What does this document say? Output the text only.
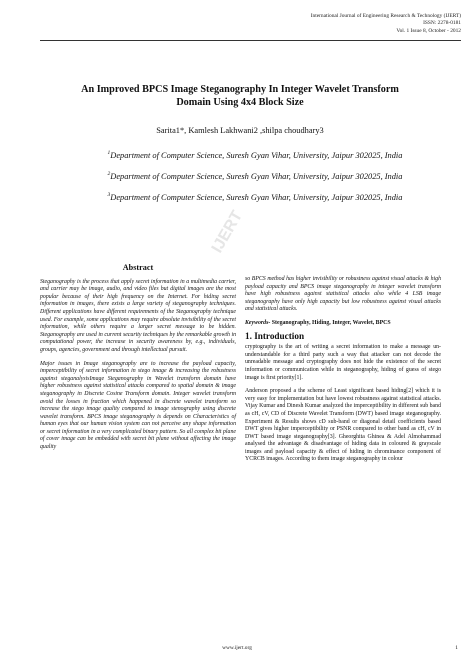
International Journal of Engineering Research & Technology (IJERT)
ISSN: 2278-0181
Vol. 1 Issue 8, October - 2012
IJERT
An Improved BPCS Image Steganography In Integer Wavelet Transform
Domain Using 4x4 Block Size
Sarita1*, Kamlesh Lakhwani2 ,shilpa choudhary3
$^1$Department of Computer Science, Suresh Gyan Vihar, University, Jaipur 302025, India
$^2$Department of Computer Science, Suresh Gyan Vihar, University, Jaipur 302025, India
$^3$Department of Computer Science, Suresh Gyan Vihar, University, Jaipur 302025, India
Abstract

Steganography is the process that apply secret information in a multimedia carrier, and carrier may be image, audio, and video files but digital images are the most popular because of their high frequency on the Internet. For hiding secret information in images, there exists a large variety of steganography techniques. Different applications have different requirements of the Steganography technique used. For example, some applications may require absolute invisibility of the secret information, while others require a larger secret message to be hidden. Steganography are used in current security techniques by the remarkable growth in computational power, the increase in security awareness by, e.g., individuals, groups, agencies, government and through intellectual pursuit.

Major issues in Image steganography are to increase the payload capacity, imperceptibility of secret information in stego image & increasing the robustness against steganalysisImage Steganography in Wavelet transform domain have higher robustness against statistical attacks compared to spatial domain & image steganography in Discrete Cosine Transform domain. Integer wavelet transform avoid the losses in fraction which happened in discrete wavelet transform so increase the stego image quality compared to image stenography using discrete wavelet transform. BPCS image steganography is depends on Characteristics of human eyes that our human vision system can not perceive any shape information or secret information in a very complicated binary pattern. So all complex bit plane of cover image can be embedded with secret bit plane without affecting the image quality

so BPCS method has higher invisibility or robustness against visual attacks & high payload capacity and BPCS image steganography in integer wavelet transform have high robustness against statistical attacks also while 4 LSB image steganography have only high capacity but low robustness against visual attacks and statistical attacks.

Keywords- Steganography, Hiding, Integer, Wavelet, BPCS

1. Introduction

cryptography is the art of writing a secret information to make a message un-understandable for a third party such a way that attacker can not decode the unreadable message and cryptography does not hide the existence of the secret information or communication while in steganography, hiding of guess of stego image is first priority[1].

Anderson proposed a the scheme of Least significant based hiding[2] which it is very easy for implementation but have lowest robustness against statistical attacks. Vijay Kumar and Dinesh Kumar analyzed the imperceptibility in different sub band as cH, cV, CD of Discrete Wavelet Transform (DWT) based image steganography. Experiment & Results shows cD sub-band or diagonal detail coefficients based DWT gives higher imperceptibility or PSNR compared to other band as cH, cV in DWT based image steganography[3]. Gheorghita Ghinea & Adel Almohammad analysed the advantage & disadvantage of hiding data in coloured & grayscale images and payload capacity & effect of hiding in chrominance component of YCRCB images. According to them image steganography in colour

www.ijert.org	1
